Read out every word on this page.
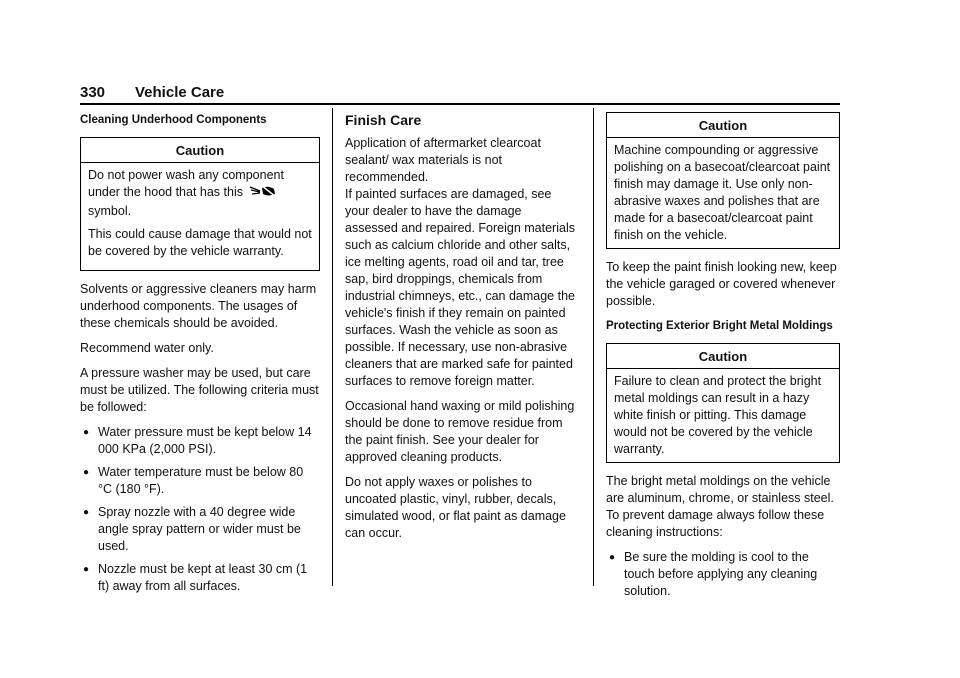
330 Vehicle Care
Cleaning Underhood Components
Caution

Do not power wash any component under the hood that has this
symbol.

This could cause damage that would not be covered by the vehicle warranty.

Solvents or aggressive cleaners may harm underhood components. The usages of these chemicals should be avoided.

Recommend water only.

A pressure washer may be used, but care must be utilized. The following criteria must be followed:

● Water pressure must be kept below 14 000 KPa (2,000 PSI).
● Water temperature must be below 80 °C (180 °F).
● Spray nozzle with a 40 degree wide angle spray pattern or wider must be used.
● Nozzle must be kept at least 30 cm (1 ft) away from all surfaces.
Finish Care

Application of aftermarket clearcoat sealant/ wax materials is not recommended.

If painted surfaces are damaged, see your dealer to have the damage assessed and repaired. Foreign materials such as calcium chloride and other salts, ice melting agents, road oil and tar, tree sap, bird droppings, chemicals from industrial chimneys, etc., can damage the vehicle's finish if they remain on painted surfaces. Wash the vehicle as soon as possible. If necessary, use non-abrasive cleaners that are marked safe for painted surfaces to remove foreign matter.

Occasional hand waxing or mild polishing should be done to remove residue from the paint finish. See your dealer for approved cleaning products.

Do not apply waxes or polishes to uncoated plastic, vinyl, rubber, decals, simulated wood, or flat paint as damage can occur.

Caution

Machine compounding or aggressive polishing on a basecoat/clearcoat paint finish may damage it. Use only non-abrasive waxes and polishes that are made for a basecoat/clearcoat paint finish on the vehicle.

To keep the paint finish looking new, keep the vehicle garaged or covered whenever possible.

Protecting Exterior Bright Metal Moldings
Caution

Failure to clean and protect the bright metal moldings can result in a hazy white finish or pitting. This damage would not be covered by the vehicle warranty.

The bright metal moldings on the vehicle are aluminum, chrome, or stainless steel. To prevent damage always follow these cleaning instructions:

● Be sure the molding is cool to the touch before applying any cleaning solution.
